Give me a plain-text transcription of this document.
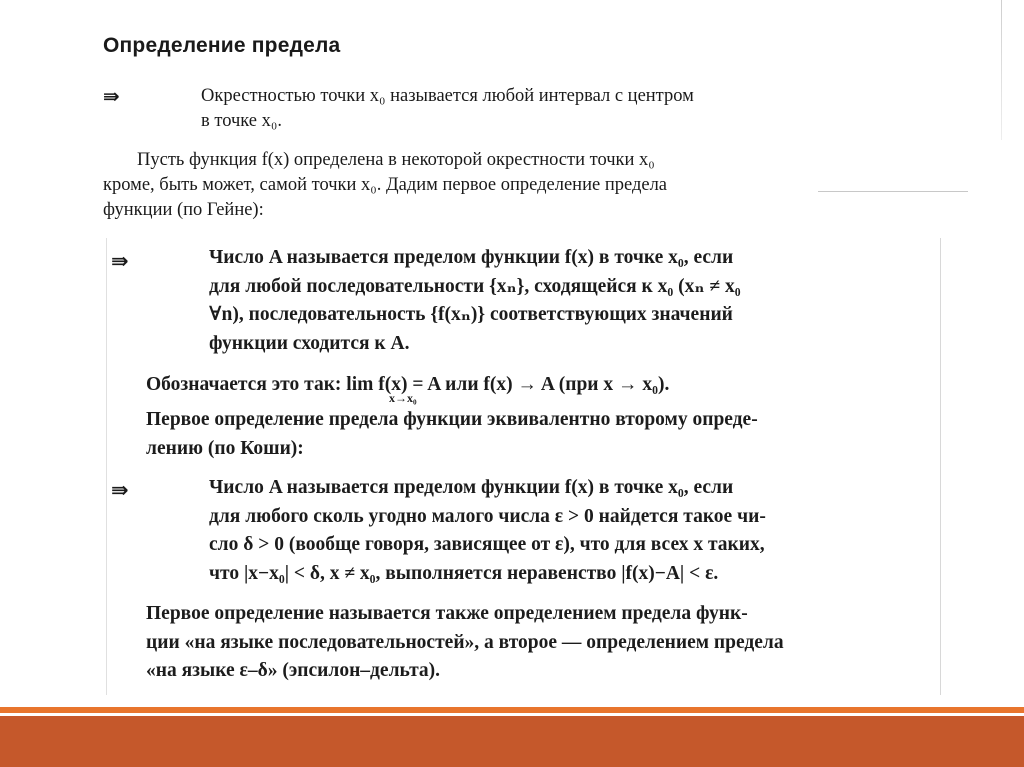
Определение предела
⇛	Окрестностью точки x₀ называется любой интервал с центром
в точке x₀.
Пусть функция f(x) определена в некоторой окрестности точки x₀
кроме, быть может, самой точки x₀. Дадим первое определение предела
функции (по Гейне):
⇛	Число A называется пределом функции f(x) в точке x₀, если
для любой последовательности {xₙ}, сходящейся к x₀ (xₙ ≠ x₀
∀n), последовательность {f(xₙ)} соответствующих значений
функции сходится к A.
Обозначается это так: lim f(x) = A или f(x) → A (при x → x₀).
x→x₀
Первое определение предела функции эквивалентно второму опреде-
лению (по Коши):
⇛	Число A называется пределом функции f(x) в точке x₀, если
для любого сколь угодно малого числа ε > 0 найдется такое чи-
сло δ > 0 (вообще говоря, зависящее от ε), что для всех x таких,
что |x−x₀| < δ, x ≠ x₀, выполняется неравенство |f(x)−A| < ε.
Первое определение называется также определением предела функ-
ции «на языке последовательностей», а второе — определением предела
«на языке ε–δ» (эпсилон–дельта).
